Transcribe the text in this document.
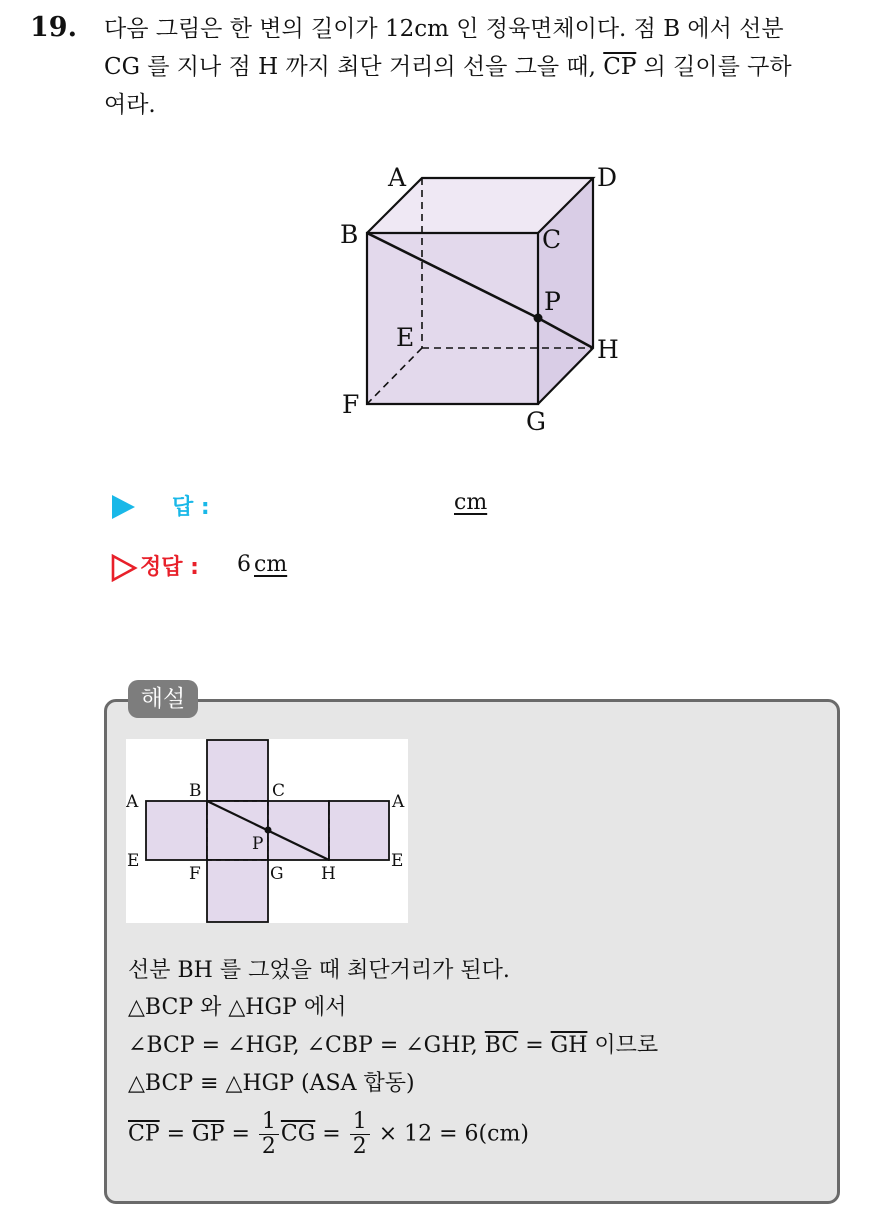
19. 다음 그림은 한 변의 길이가 12cm 인 정육면체이다. 점 B 에서 선분
CG 를 지나 점 H 까지 최단 거리의 선을 그을 때, $\overline{CP}$ 의 길이를 구하
여라.
A	D
B	C
P
E	H
F
G
답 :	cm
정답 : 6 cm
해설
A
B	C
A
P
E
F	G H
E
선분 BH 를 그었을 때 최단거리가 된다.
△BCP 와 △HGP 에서
∠BCP = ∠HGP, ∠CBP = ∠GHP, $\overline{BC} = \overline{GH}$ 이므로
△BCP ≡ △HGP (ASA 합동)
$\overline{CP} = \overline{GP} = \frac{1}{2} \overline{CG} = \frac{1}{2} \times 12 = 6(cm)$
